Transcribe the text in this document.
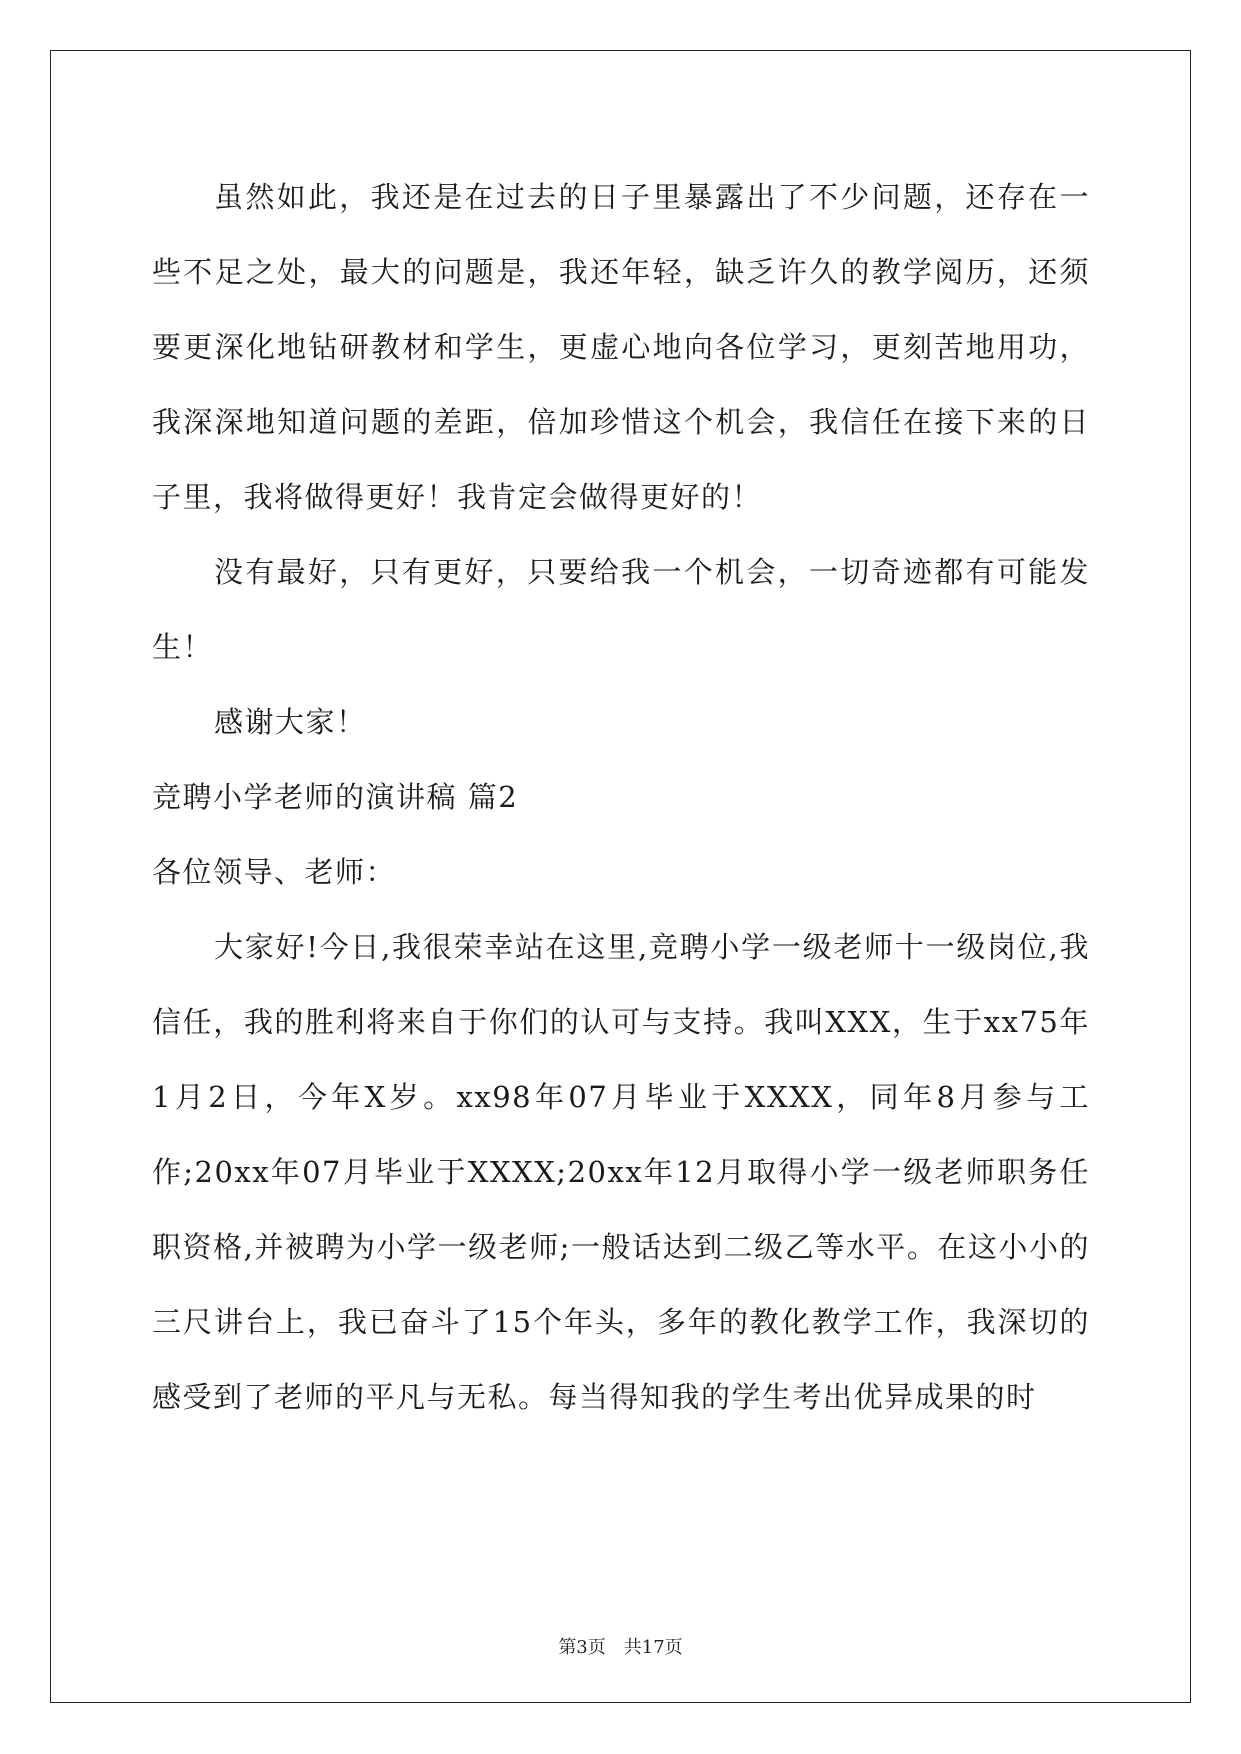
虽然如此，我还是在过去的日子里暴露出了不少问题，还存在一些不足之处，最大的问题是，我还年轻，缺乏许久的教学阅历，还须要更深化地钻研教材和学生，更虚心地向各位学习，更刻苦地用功，我深深地知道问题的差距，倍加珍惜这个机会，我信任在接下来的日子里，我将做得更好！我肯定会做得更好的！

没有最好，只有更好，只要给我一个机会，一切奇迹都有可能发生！

感谢大家！

竞聘小学老师的演讲稿 篇2

各位领导、老师：

大家好!今日,我很荣幸站在这里,竞聘小学一级老师十一级岗位,我信任，我的胜利将来自于你们的认可与支持。我叫XXX，生于xx75年1月2日，今年X岁。xx98年07月毕业于XXXX，同年8月参与工作;20xx年07月毕业于XXXX;20xx年12月取得小学一级老师职务任职资格,并被聘为小学一级老师;一般话达到二级乙等水平。在这小小的三尺讲台上，我已奋斗了15个年头，多年的教化教学工作，我深切的感受到了老师的平凡与无私。每当得知我的学生考出优异成果的时

第3页　共17页
